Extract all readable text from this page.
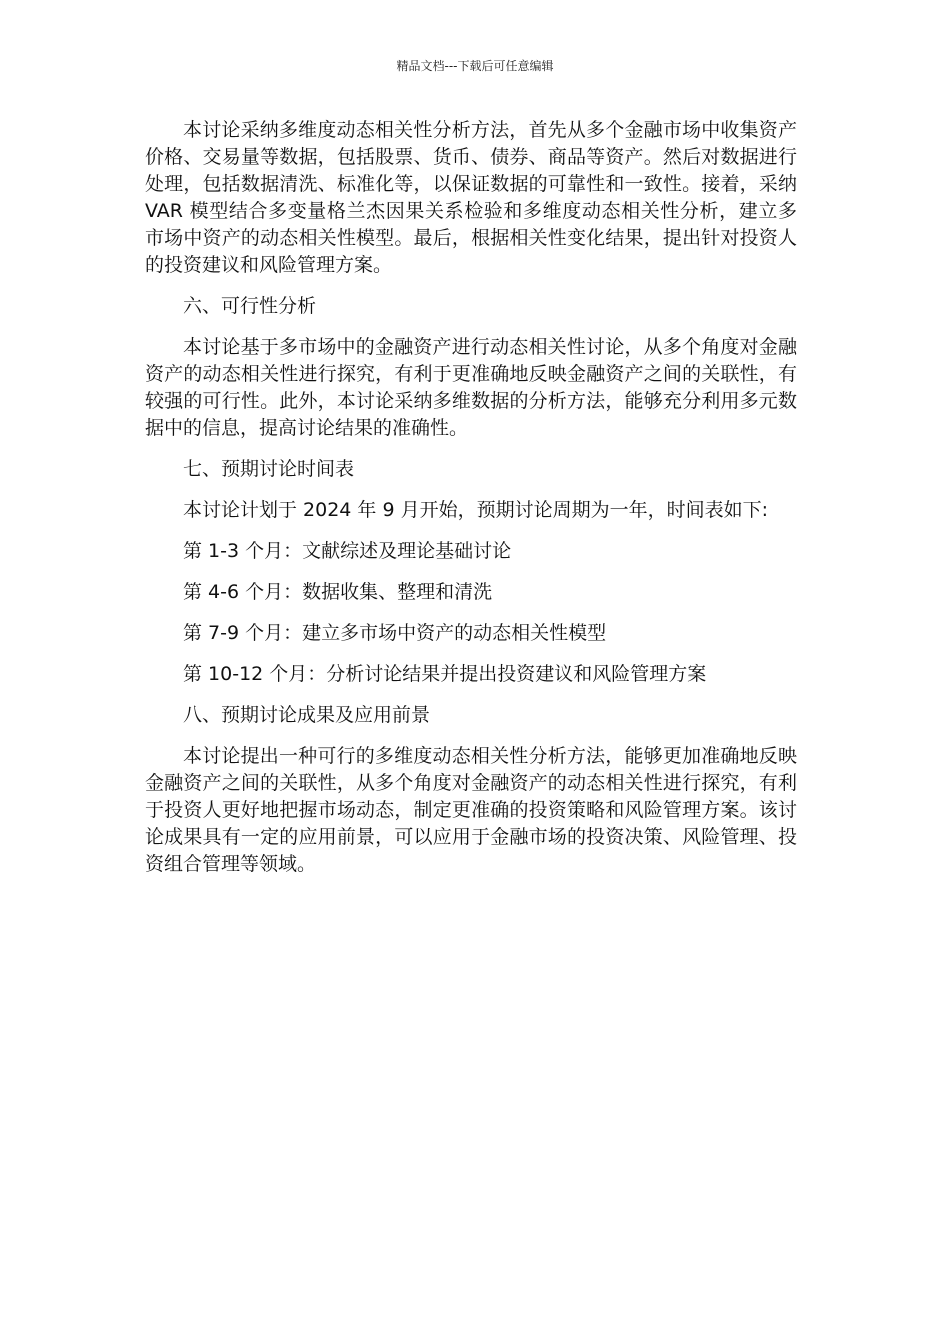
精品文档---下载后可任意编辑

本讨论采纳多维度动态相关性分析方法，首先从多个金融市场中收集资产价格、交易量等数据，包括股票、货币、债券、商品等资产。然后对数据进行处理，包括数据清洗、标准化等，以保证数据的可靠性和一致性。接着，采纳 VAR 模型结合多变量格兰杰因果关系检验和多维度动态相关性分析，建立多市场中资产的动态相关性模型。最后，根据相关性变化结果，提出针对投资人的投资建议和风险管理方案。

六、可行性分析

本讨论基于多市场中的金融资产进行动态相关性讨论，从多个角度对金融资产的动态相关性进行探究，有利于更准确地反映金融资产之间的关联性，有较强的可行性。此外，本讨论采纳多维数据的分析方法，能够充分利用多元数据中的信息，提高讨论结果的准确性。

七、预期讨论时间表

本讨论计划于 2024 年 9 月开始，预期讨论周期为一年，时间表如下:

第 1-3 个月：文献综述及理论基础讨论

第 4-6 个月：数据收集、整理和清洗

第 7-9 个月：建立多市场中资产的动态相关性模型

第 10-12 个月：分析讨论结果并提出投资建议和风险管理方案

八、预期讨论成果及应用前景

本讨论提出一种可行的多维度动态相关性分析方法，能够更加准确地反映金融资产之间的关联性，从多个角度对金融资产的动态相关性进行探究，有利于投资人更好地把握市场动态，制定更准确的投资策略和风险管理方案。该讨论成果具有一定的应用前景，可以应用于金融市场的投资决策、风险管理、投资组合管理等领域。
